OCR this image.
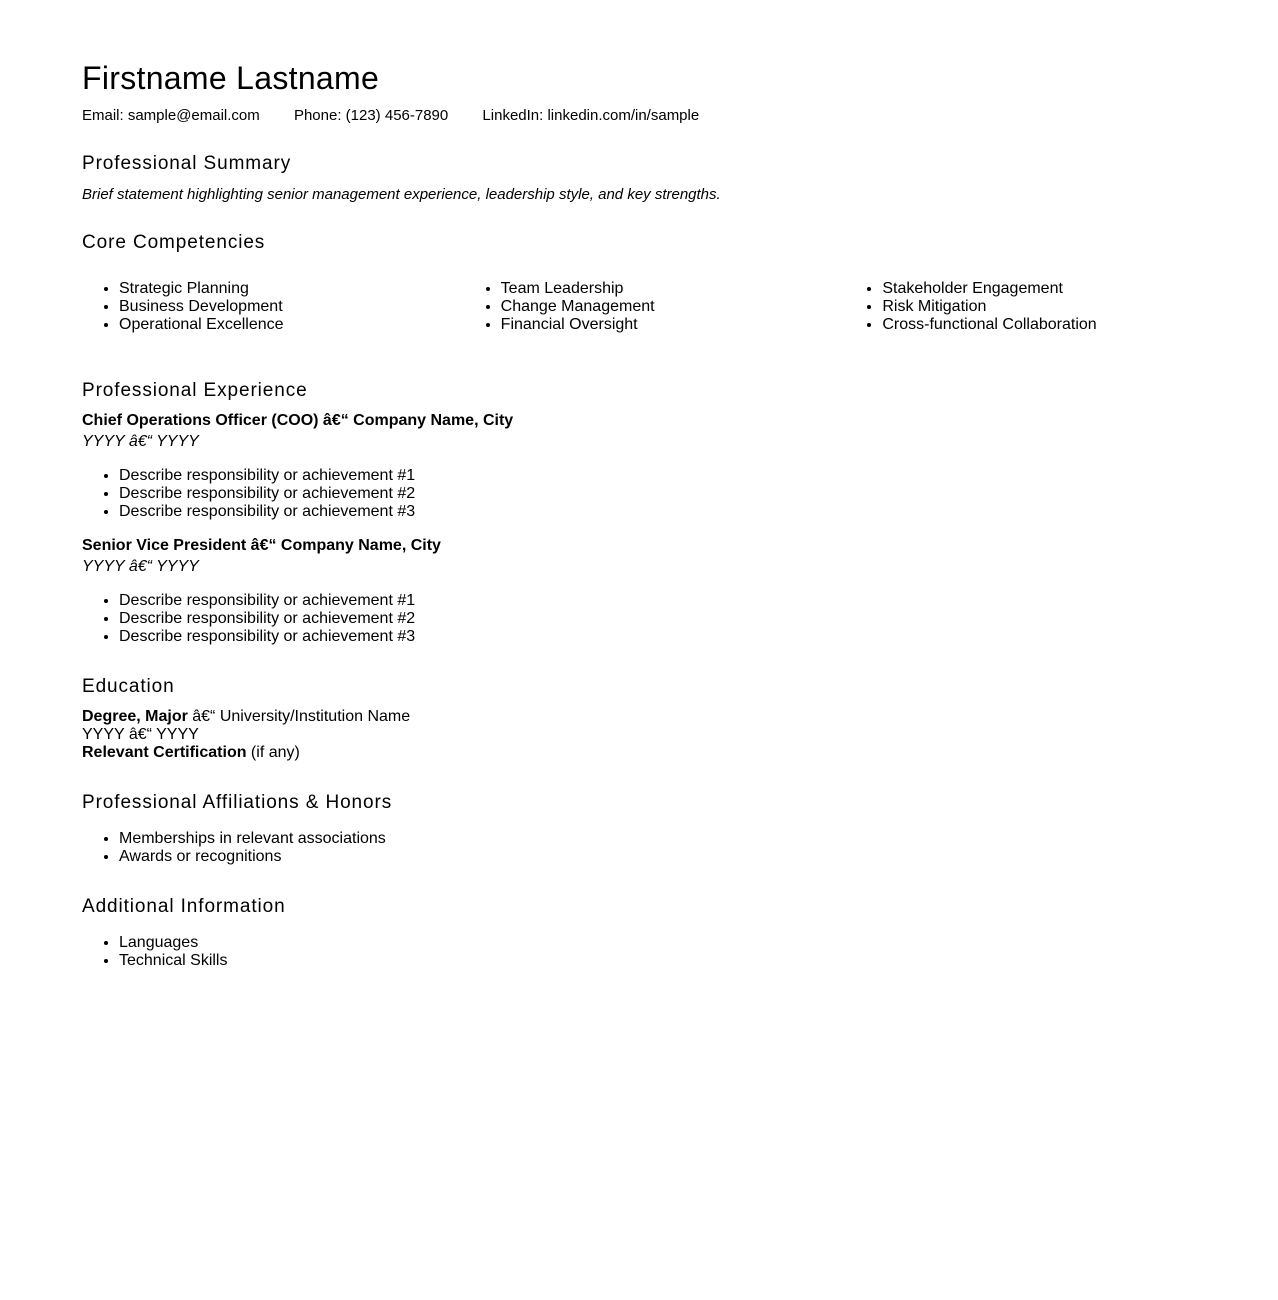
Firstname Lastname
Email: sample@email.com Phone: (123) 456-7890 LinkedIn: linkedin.com/in/sample
Professional Summary
Brief statement highlighting senior management experience, leadership style, and key strengths.
Core Competencies
• Strategic Planning
• Business Development
• Operational Excellence
• Team Leadership
• Change Management
• Financial Oversight
• Stakeholder Engagement
• Risk Mitigation
• Cross-functional Collaboration
Professional Experience
Chief Operations Officer (COO) â€“ Company Name, City
YYYY â€“ YYYY
• Describe responsibility or achievement #1
• Describe responsibility or achievement #2
• Describe responsibility or achievement #3
Senior Vice President â€“ Company Name, City
YYYY â€“ YYYY
• Describe responsibility or achievement #1
• Describe responsibility or achievement #2
• Describe responsibility or achievement #3
Education
Degree, Major â€“ University/Institution Name
YYYY â€“ YYYY
Relevant Certification (if any)
Professional Affiliations & Honors
• Memberships in relevant associations
• Awards or recognitions
Additional Information
• Languages
• Technical Skills
